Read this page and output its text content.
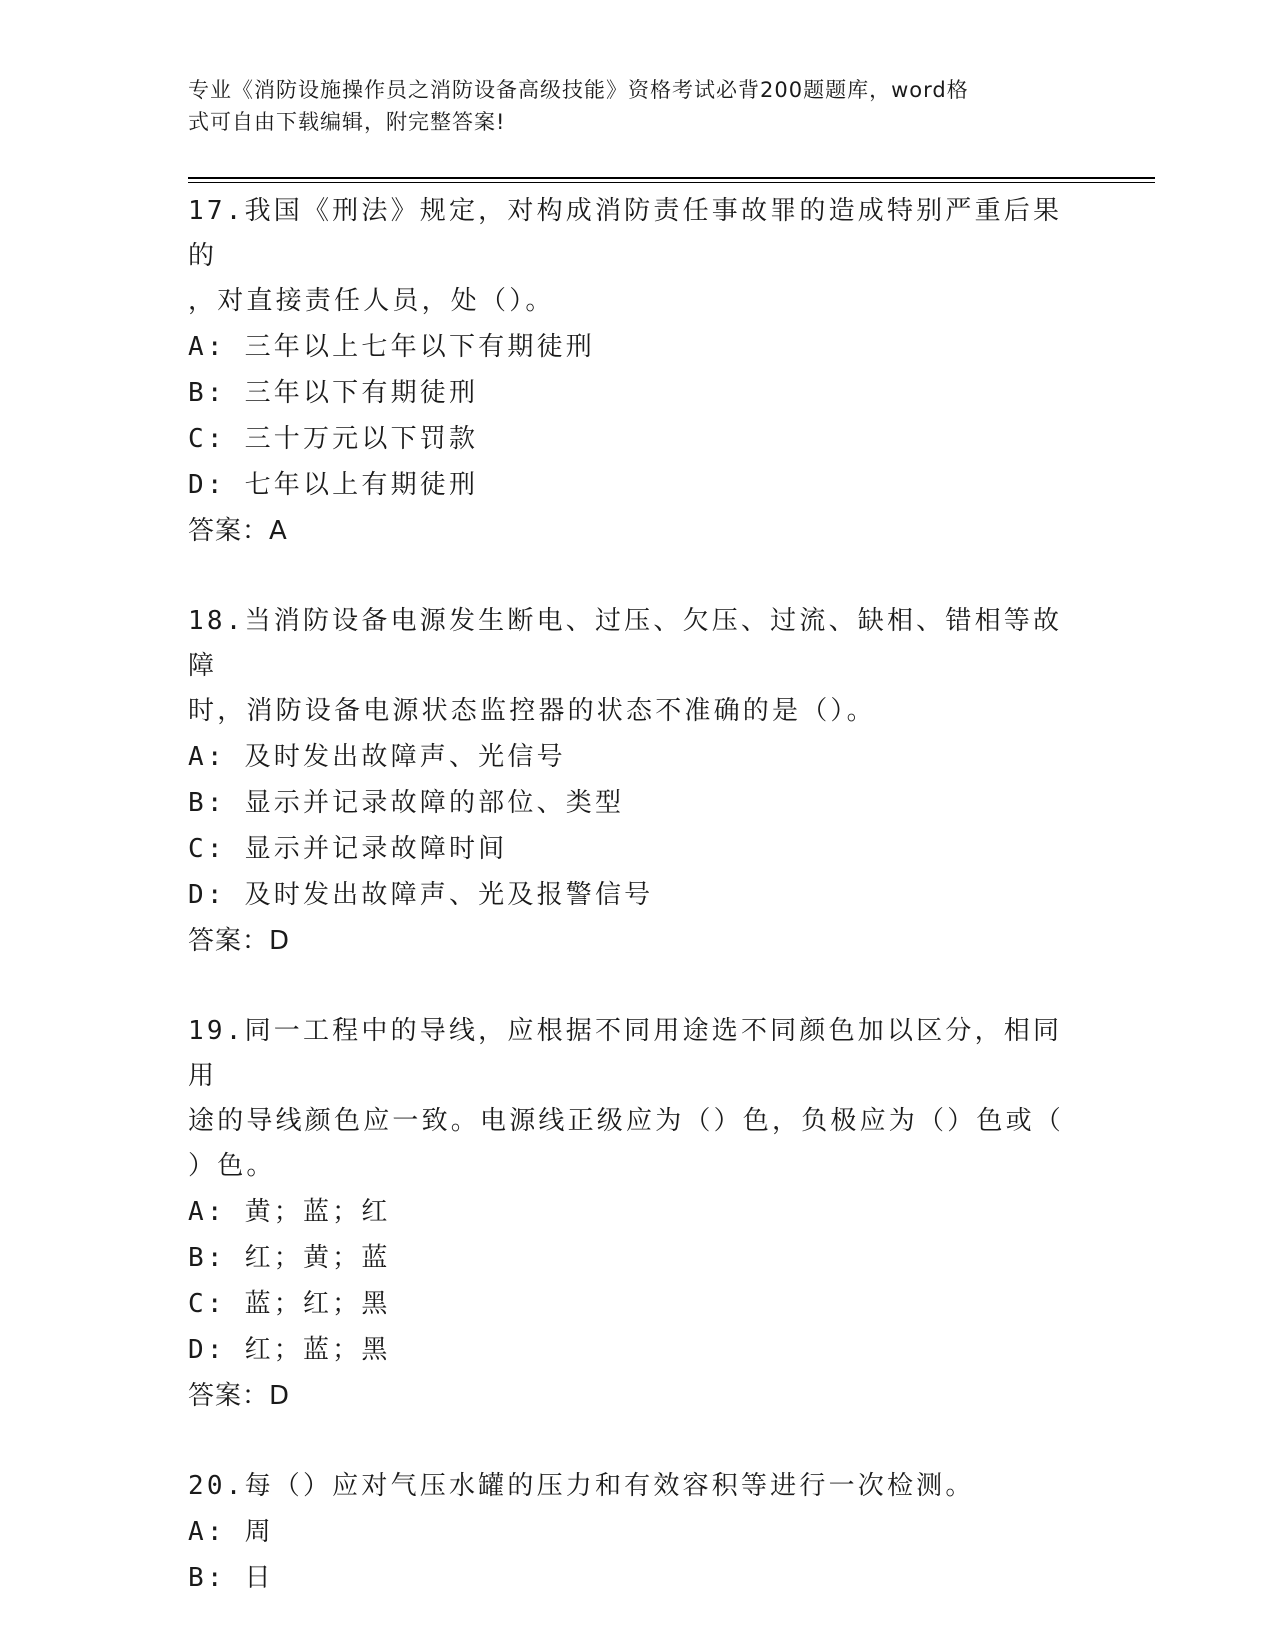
专业《消防设施操作员之消防设备高级技能》资格考试必背200题题库，word格
式可自由下载编辑，附完整答案!
17.我国《刑法》规定，对构成消防责任事故罪的造成特别严重后果的
，对直接责任人员，处（）。
A: 三年以上七年以下有期徒刑
B: 三年以下有期徒刑
C: 三十万元以下罚款
D: 七年以上有期徒刑
答案：A
18.当消防设备电源发生断电、过压、欠压、过流、缺相、错相等故障
时，消防设备电源状态监控器的状态不准确的是（）。
A: 及时发出故障声、光信号
B: 显示并记录故障的部位、类型
C: 显示并记录故障时间
D: 及时发出故障声、光及报警信号
答案：D
19.同一工程中的导线，应根据不同用途选不同颜色加以区分，相同用
途的导线颜色应一致。电源线正级应为（）色，负极应为（）色或（
）色。
A: 黄；蓝；红
B: 红；黄；蓝
C: 蓝；红；黑
D: 红；蓝；黑
答案：D
20.每（）应对气压水罐的压力和有效容积等进行一次检测。
A: 周
B: 日
